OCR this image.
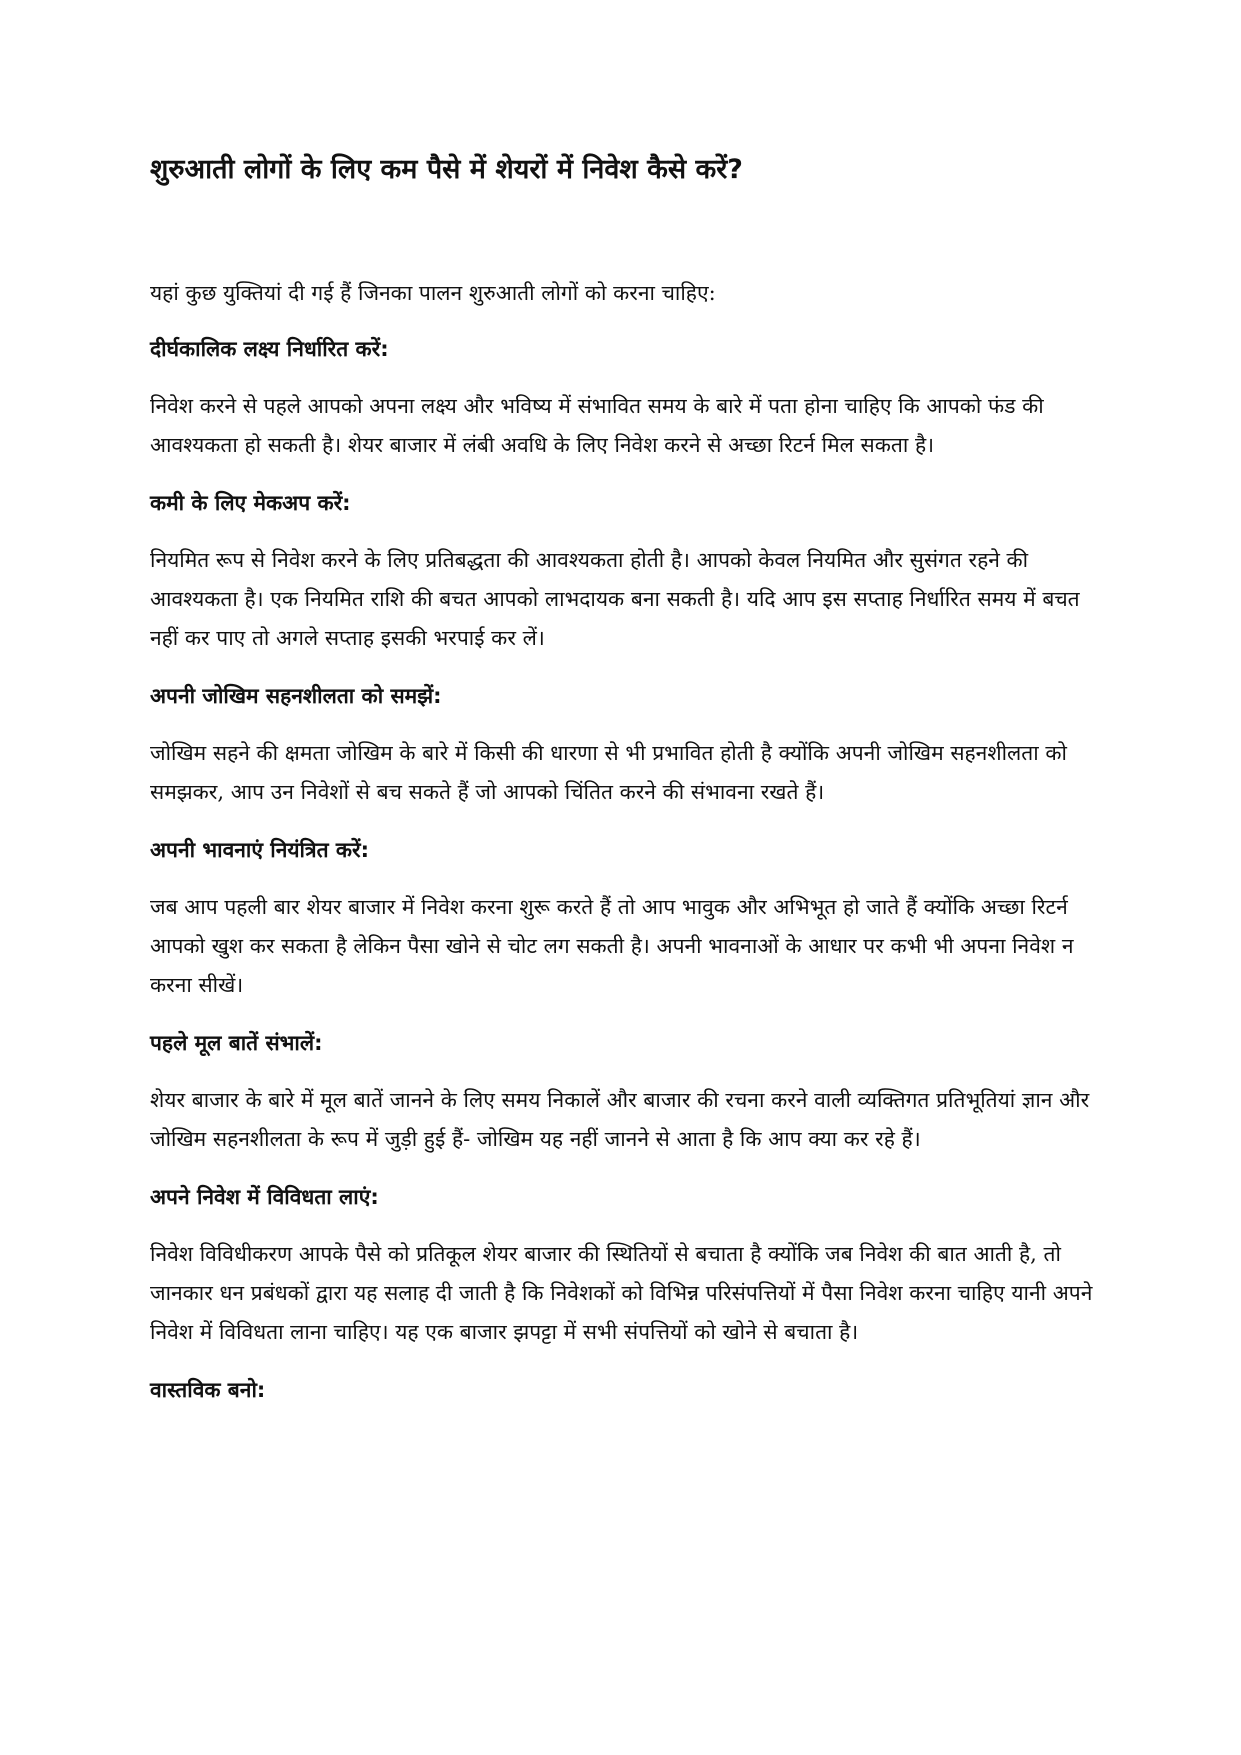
शुरुआती लोगों के लिए कम पैसे में शेयरों में निवेश कैसे करें?

यहां कुछ युक्तियां दी गई हैं जिनका पालन शुरुआती लोगों को करना चाहिए:

दीर्घकालिक लक्ष्य निर्धारित करें:

निवेश करने से पहले आपको अपना लक्ष्य और भविष्य में संभावित समय के बारे में पता होना चाहिए कि आपको फंड की आवश्यकता हो सकती है। शेयर बाजार में लंबी अवधि के लिए निवेश करने से अच्छा रिटर्न मिल सकता है।

कमी के लिए मेकअप करें:

नियमित रूप से निवेश करने के लिए प्रतिबद्धता की आवश्यकता होती है। आपको केवल नियमित और सुसंगत रहने की आवश्यकता है। एक नियमित राशि की बचत आपको लाभदायक बना सकती है। यदि आप इस सप्ताह निर्धारित समय में बचत नहीं कर पाए तो अगले सप्ताह इसकी भरपाई कर लें।

अपनी जोखिम सहनशीलता को समझें:

जोखिम सहने की क्षमता जोखिम के बारे में किसी की धारणा से भी प्रभावित होती है क्योंकि अपनी जोखिम सहनशीलता को समझकर, आप उन निवेशों से बच सकते हैं जो आपको चिंतित करने की संभावना रखते हैं।

अपनी भावनाएं नियंत्रित करें:

जब आप पहली बार शेयर बाजार में निवेश करना शुरू करते हैं तो आप भावुक और अभिभूत हो जाते हैं क्योंकि अच्छा रिटर्न आपको खुश कर सकता है लेकिन पैसा खोने से चोट लग सकती है। अपनी भावनाओं के आधार पर कभी भी अपना निवेश न करना सीखें।

पहले मूल बातें संभालें:

शेयर बाजार के बारे में मूल बातें जानने के लिए समय निकालें और बाजार की रचना करने वाली व्यक्तिगत प्रतिभूतियां ज्ञान और जोखिम सहनशीलता के रूप में जुड़ी हुई हैं- जोखिम यह नहीं जानने से आता है कि आप क्या कर रहे हैं।

अपने निवेश में विविधता लाएं:

निवेश विविधीकरण आपके पैसे को प्रतिकूल शेयर बाजार की स्थितियों से बचाता है क्योंकि जब निवेश की बात आती है, तो जानकार धन प्रबंधकों द्वारा यह सलाह दी जाती है कि निवेशकों को विभिन्न परिसंपत्तियों में पैसा निवेश करना चाहिए यानी अपने निवेश में विविधता लाना चाहिए। यह एक बाजार झपट्टा में सभी संपत्तियों को खोने से बचाता है।

वास्तविक बनो:
